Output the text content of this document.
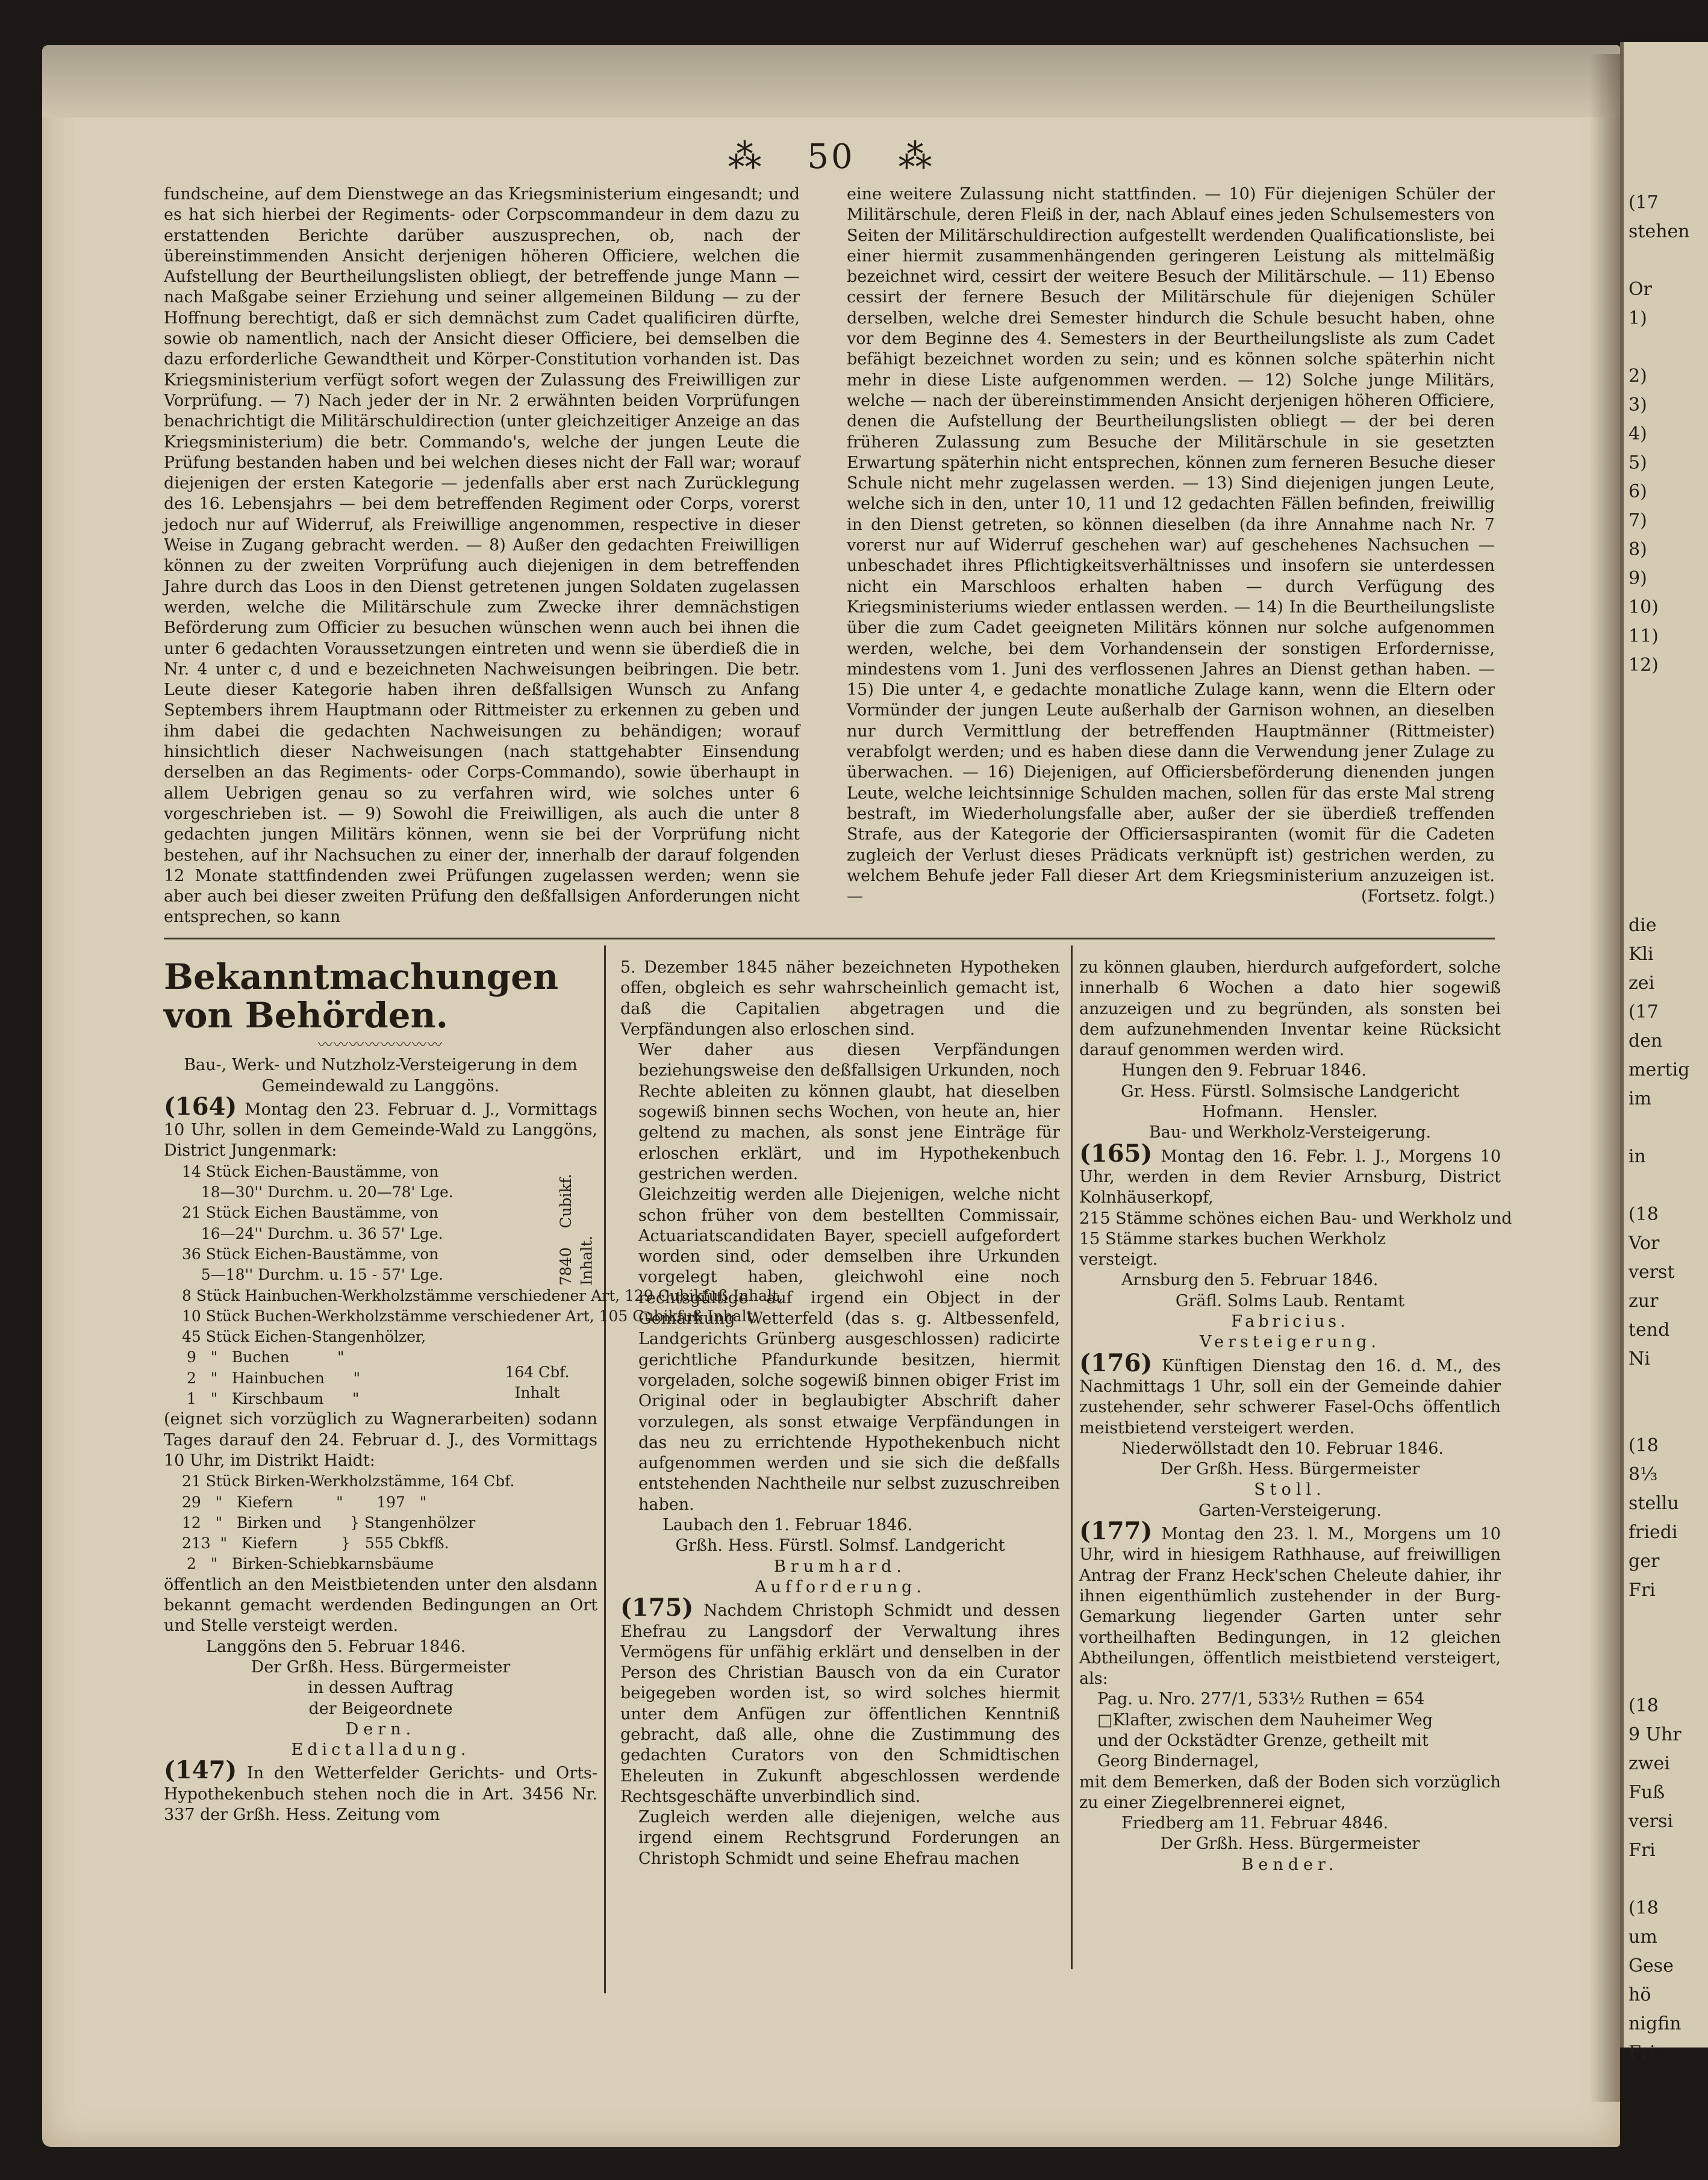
(17
stehen
Or
1)
2)
3)
4)
5)
6)
7)
8)
9)
10)
11)
12)
die
Kli
zei
(17
den
mertig
im
in
(18
Vor
verst
zur
tend
Ni
(18
8⅓
stellu
friedi
ger
Fri
(18
9 Uhr
zwei
Fuß
versi
Fri
(18
um
Gese
hö
nigfin
Fri
⁂ 50 ⁂

fundscheine, auf dem Dienstwege an das Kriegsministerium eingesandt; und es hat sich hierbei der Regiments- oder Corpscommandeur in dem dazu zu erstattenden Berichte darüber auszusprechen, ob, nach der übereinstimmenden Ansicht derjenigen höheren Officiere, welchen die Aufstellung der Beurtheilungslisten obliegt, der betreffende junge Mann — nach Maßgabe seiner Erziehung und seiner allgemeinen Bildung — zu der Hoffnung berechtigt, daß er sich demnächst zum Cadet qualificiren dürfte, sowie ob namentlich, nach der Ansicht dieser Officiere, bei demselben die dazu erforderliche Gewandtheit und Körper-Constitution vorhanden ist. Das Kriegsministerium verfügt sofort wegen der Zulassung des Freiwilligen zur Vorprüfung. — 7) Nach jeder der in Nr. 2 erwähnten beiden Vorprüfungen benachrichtigt die Militärschuldirection (unter gleichzeitiger Anzeige an das Kriegsministerium) die betr. Commando's, welche der jungen Leute die Prüfung bestanden haben und bei welchen dieses nicht der Fall war; worauf diejenigen der ersten Kategorie — jedenfalls aber erst nach Zurücklegung des 16. Lebensjahrs — bei dem betreffenden Regiment oder Corps, vorerst jedoch nur auf Widerruf, als Freiwillige angenommen, respective in dieser Weise in Zugang gebracht werden. — 8) Außer den gedachten Freiwilligen können zu der zweiten Vorprüfung auch diejenigen in dem betreffenden Jahre durch das Loos in den Dienst getretenen jungen Soldaten zugelassen werden, welche die Militärschule zum Zwecke ihrer demnächstigen Beförderung zum Officier zu besuchen wünschen wenn auch bei ihnen die unter 6 gedachten Voraussetzungen eintreten und wenn sie überdieß die in Nr. 4 unter c, d und e bezeichneten Nachweisungen beibringen. Die betr. Leute dieser Kategorie haben ihren deßfallsigen Wunsch zu Anfang Septembers ihrem Hauptmann oder Rittmeister zu erkennen zu geben und ihm dabei die gedachten Nachweisungen zu behändigen; worauf hinsichtlich dieser Nachweisungen (nach stattgehabter Einsendung derselben an das Regiments- oder Corps-Commando), sowie überhaupt in allem Uebrigen genau so zu verfahren wird, wie solches unter 6 vorgeschrieben ist. — 9) Sowohl die Freiwilligen, als auch die unter 8 gedachten jungen Militärs können, wenn sie bei der Vorprüfung nicht bestehen, auf ihr Nachsuchen zu einer der, innerhalb der darauf folgenden 12 Monate stattfindenden zwei Prüfungen zugelassen werden; wenn sie aber auch bei dieser zweiten Prüfung den deßfallsigen Anforderungen nicht entsprechen, so kann

eine weitere Zulassung nicht stattfinden. — 10) Für diejenigen Schüler der Militärschule, deren Fleiß in der, nach Ablauf eines jeden Schulsemesters von Seiten der Militärschuldirection aufgestellt werdenden Qualificationsliste, bei einer hiermit zusammenhängenden geringeren Leistung als mittelmäßig bezeichnet wird, cessirt der weitere Besuch der Militärschule. — 11) Ebenso cessirt der fernere Besuch der Militärschule für diejenigen Schüler derselben, welche drei Semester hindurch die Schule besucht haben, ohne vor dem Beginne des 4. Semesters in der Beurtheilungsliste als zum Cadet befähigt bezeichnet worden zu sein; und es können solche späterhin nicht mehr in diese Liste aufgenommen werden. — 12) Solche junge Militärs, welche — nach der übereinstimmenden Ansicht derjenigen höheren Officiere, denen die Aufstellung der Beurtheilungslisten obliegt — der bei deren früheren Zulassung zum Besuche der Militärschule in sie gesetzten Erwartung späterhin nicht entsprechen, können zum ferneren Besuche dieser Schule nicht mehr zugelassen werden. — 13) Sind diejenigen jungen Leute, welche sich in den, unter 10, 11 und 12 gedachten Fällen befinden, freiwillig in den Dienst getreten, so können dieselben (da ihre Annahme nach Nr. 7 vorerst nur auf Widerruf geschehen war) auf geschehenes Nachsuchen — unbeschadet ihres Pflichtigkeitsverhältnisses und insofern sie unterdessen nicht ein Marschloos erhalten haben — durch Verfügung des Kriegsministeriums wieder entlassen werden. — 14) In die Beurtheilungsliste über die zum Cadet geeigneten Militärs können nur solche aufgenommen werden, welche, bei dem Vorhandensein der sonstigen Erfordernisse, mindestens vom 1. Juni des verflossenen Jahres an Dienst gethan haben. — 15) Die unter 4, e gedachte monatliche Zulage kann, wenn die Eltern oder Vormünder der jungen Leute außerhalb der Garnison wohnen, an dieselben nur durch Vermittlung der betreffenden Hauptmänner (Rittmeister) verabfolgt werden; und es haben diese dann die Verwendung jener Zulage zu überwachen. — 16) Diejenigen, auf Officiersbeförderung dienenden jungen Leute, welche leichtsinnige Schulden machen, sollen für das erste Mal streng bestraft, im Wiederholungsfalle aber, außer der sie überdieß treffenden Strafe, aus der Kategorie der Officiersaspiranten (womit für die Cadeten zugleich der Verlust dieses Prädicats verknüpft ist) gestrichen werden, zu welchem Behufe jeder Fall dieser Art dem Kriegsministerium anzuzeigen ist. —	(Fortsetz. folgt.)

Bekanntmachungen von Behörden.

〰〰〰〰〰〰〰〰

Bau-, Werk- und Nutzholz-Versteigerung in dem Gemeindewald zu Langgöns.

(164) Montag den 23. Februar d. J., Vormittags 10 Uhr, sollen in dem Gemeinde-Wald zu Langgöns, District Jungenmark:

14 Stück Eichen-Baustämme, von
18—30'' Durchm. u. 20—78' Lge.
21 Stück Eichen Baustämme, von
16—24'' Durchm. u. 36 57' Lge.
36 Stück Eichen-Baustämme, von
5—18'' Durchm. u. 15 - 57' Lge.	7840 Cubikf. Inhalt.

8 Stück Hainbuchen-Werkholzstämme verschiedener Art,
10 Stück Buchen-Werkholzstämme verschiedener Art, 105
45 Stück Eichen-Stangenhölzer,
9   "   Buchen          "
2   "   Hainbuchen      "
1   "   Kirschbaum      "

164 Cbf. Inhalt

(eignet sich vorzüglich zu Wagnerarbeiten) sodann Tages darauf den 24. Februar d. J., des Vormittags 10 Uhr, im Distrikt Haidt:

21 Stück Birken-Werkholzstämme, 164 Cbf.
29   "   Kiefern         "       197   "
12   "   Birken und      } Stangenhölzer
213  "   Kiefern         }   555 Cbkfß.
2   "   Birken-Schiebkarnsbäume

öffentlich an den Meistbietenden unter den alsdann bekannt gemacht werdenden Bedingungen an Ort und Stelle versteigt werden.

Langgöns den 5. Februar 1846.

Der Grßh. Hess. Bürgermeister

in dessen Auftrag

der Beigeordnete

Dern.

Edictalladung.

(147) In den Wetterfelder Gerichts- und Orts-Hypothekenbuch stehen noch die in Art. 3456 Nr. 337 der Grßh. Hess. Zeitung vom

5. Dezember 1845 näher bezeichneten Hypotheken offen, obgleich es sehr wahrscheinlich gemacht ist, daß die Capitalien abgetragen und die Verpfändungen also erloschen sind.

Wer daher aus diesen Verpfändungen beziehungsweise den deßfallsigen Urkunden, noch Rechte ableiten zu können glaubt, hat dieselben sogewiß binnen sechs Wochen, von heute an, hier geltend zu machen, als sonst jene Einträge für erloschen erklärt, und im Hypothekenbuch gestrichen werden.

Gleichzeitig werden alle Diejenigen, welche nicht schon früher von dem bestellten Commissair, Actuariatscandidaten Bayer, speciell aufgefordert worden sind, oder demselben ihre Urkunden vorgelegt haben, gleichwohl eine noch rechtsgültige auf irgend ein Object in der Gemarkung Wetterfeld (das s. g. Altbessenfeld, Landgerichts Grünberg ausgeschlossen) radicirte gerichtliche Pfandurkunde besitzen, hiermit vorgeladen, solche sogewiß binnen obiger Frist im Original oder in beglaubigter Abschrift daher vorzulegen, als sonst etwaige Verpfändungen in das neu zu errichtende Hypothekenbuch nicht aufgenommen werden und sie sich die deßfalls entstehenden Nachtheile nur selbst zuzuschreiben haben.

Laubach den 1. Februar 1846.

Grßh. Hess. Fürstl. Solmsf. Landgericht

Brumhard.

Aufforderung.

(175) Nachdem Christoph Schmidt und dessen Ehefrau zu Langsdorf der Verwaltung ihres Vermögens für unfähig erklärt und denselben in der Person des Christian Bausch von da ein Curator beigegeben worden ist, so wird solches hiermit unter dem Anfügen zur öffentlichen Kenntniß gebracht, daß alle, ohne die Zustimmung des gedachten Curators von den Schmidtischen Eheleuten in Zukunft abgeschlossen werdende Rechtsgeschäfte unverbindlich sind.

Zugleich werden alle diejenigen, welche aus irgend einem Rechtsgrund Forderungen an Christoph Schmidt und seine Ehefrau machen

zu können glauben, hierdurch aufgefordert, solche innerhalb 6 Wochen a dato hier sogewiß anzuzeigen und zu begründen, als sonsten bei dem aufzunehmenden Inventar keine Rücksicht darauf genommen werden wird.

Hungen den 9. Februar 1846.

Gr. Hess. Fürstl. Solmsische Landgericht

Hofmann.     Hensler.

Bau- und Werkholz-Versteigerung.

(165) Montag den 16. Febr. l. J., Morgens 10 Uhr, werden in dem Revier Arnsburg, District Kolnhäuserkopf,

215 Stämme schönes eichen Bau- und Werkholz und
15 Stämme starkes buchen Werkholz

versteigt.

Arnsburg den 5. Februar 1846.

Gräfl. Solms Laub. Rentamt

Fabricius.

Versteigerung.

(176) Künftigen Dienstag den 16. d. M., des Nachmittags 1 Uhr, soll ein der Gemeinde dahier zustehender, sehr schwerer Fasel-Ochs öffentlich meistbietend versteigert werden.

Niederwöllstadt den 10. Februar 1846.

Der Grßh. Hess. Bürgermeister

Stoll.

Garten-Versteigerung.

(177) Montag den 23. l. M., Morgens um 10 Uhr, wird in hiesigem Rathhause, auf freiwilligen Antrag der Franz Heck'schen Cheleute dahier, ihr ihnen eigenthümlich zustehender in der Burg-Gemarkung liegender Garten unter sehr vortheilhaften Bedingungen, in 12 gleichen Abtheilungen, öffentlich meistbietend versteigert, als:

Pag. u. Nro. 277/1, 533½ Ruthen = 654
□Klafter, zwischen dem Nauheimer Weg
und der Ockstädter Grenze, getheilt mit
Georg Bindernagel,

mit dem Bemerken, daß der Boden sich vorzüglich zu einer Ziegelbrennerei eignet,

Friedberg am 11. Februar 4846.

Der Grßh. Hess. Bürgermeister

Bender.
